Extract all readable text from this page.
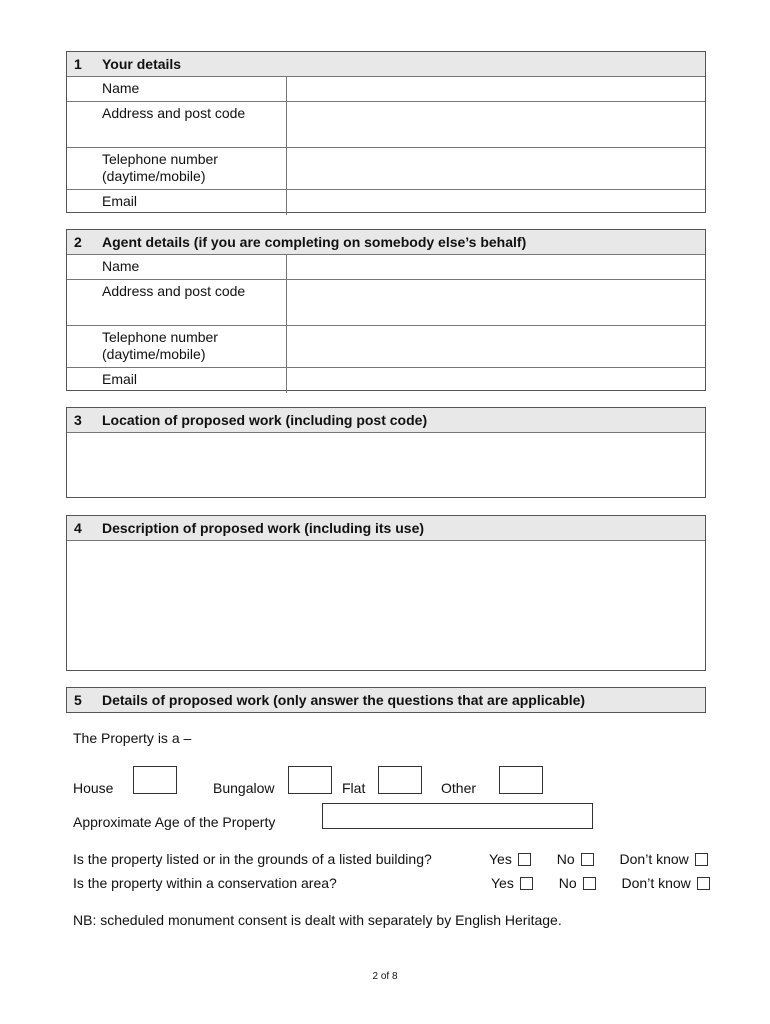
1	Your details
Name
Address and post code
Telephone number
(daytime/mobile)
Email
2	Agent details (if you are completing on somebody else’s behalf)
Name
Address and post code
Telephone number
(daytime/mobile)
Email
3	Location of proposed work (including post code)
4	Description of proposed work (including its use)
5	Details of proposed work (only answer the questions that are applicable)
The Property is a –
House	Bungalow	Flat	Other
Approximate Age of the Property
Is the property listed or in the grounds of a listed building?	Yes	No	Don’t know
Is the property within a conservation area?	Yes	No	Don’t know
NB: scheduled monument consent is dealt with separately by English Heritage.
2 of 8
